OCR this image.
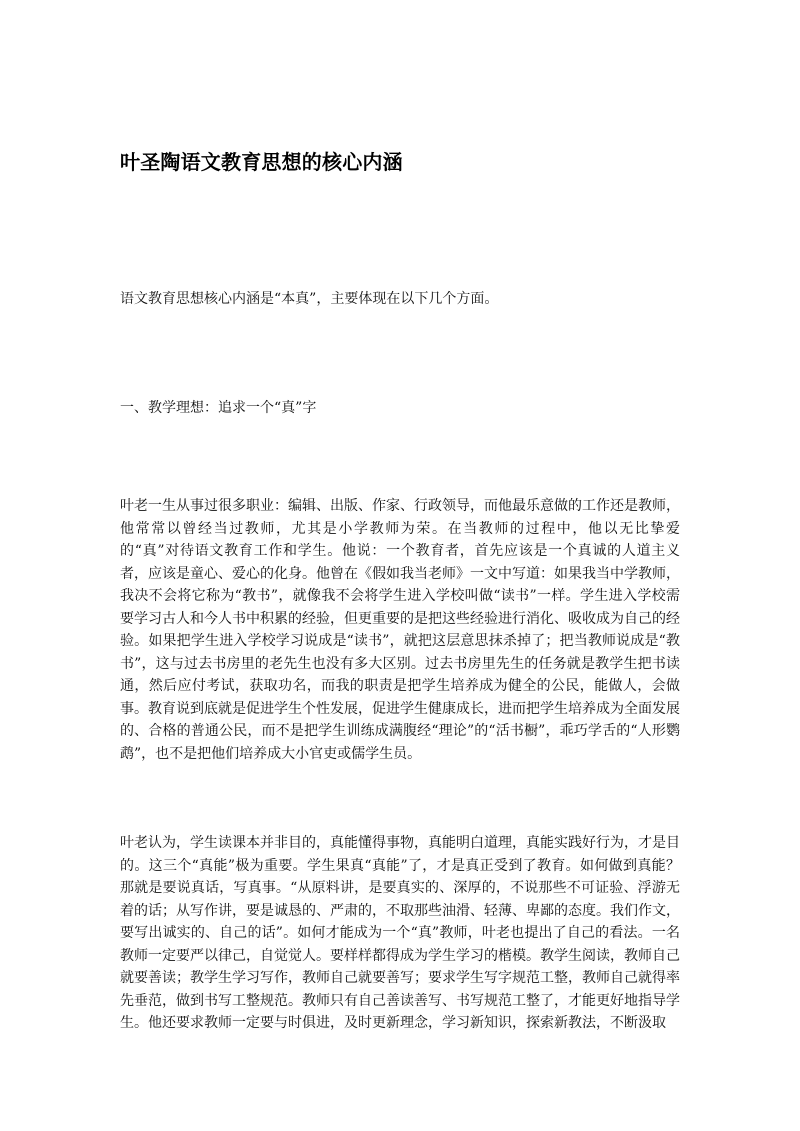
叶圣陶语文教育思想的核心内涵

语文教育思想核心内涵是“本真”，主要体现在以下几个方面。

一、教学理想：追求一个“真”字

叶老一生从事过很多职业：编辑、出版、作家、行政领导，而他最乐意做的工作还是教师，他常常以曾经当过教师，尤其是小学教师为荣。在当教师的过程中，他以无比挚爱的“真”对待语文教育工作和学生。他说：一个教育者，首先应该是一个真诚的人道主义者，应该是童心、爱心的化身。他曾在《假如我当老师》一文中写道：如果我当中学教师，我决不会将它称为“教书”，就像我不会将学生进入学校叫做“读书”一样。学生进入学校需要学习古人和今人书中积累的经验，但更重要的是把这些经验进行消化、吸收成为自己的经验。如果把学生进入学校学习说成是“读书”，就把这层意思抹杀掉了；把当教师说成是“教书”，这与过去书房里的老先生也没有多大区别。过去书房里先生的任务就是教学生把书读通，然后应付考试，获取功名，而我的职责是把学生培养成为健全的公民，能做人，会做事。教育说到底就是促进学生个性发展，促进学生健康成长，进而把学生培养成为全面发展的、合格的普通公民，而不是把学生训练成满腹经“理论”的“活书橱”，乖巧学舌的“人形鹦鹉”，也不是把他们培养成大小官吏或儒学生员。

叶老认为，学生读课本并非目的，真能懂得事物，真能明白道理，真能实践好行为，才是目的。这三个“真能”极为重要。学生果真“真能”了，才是真正受到了教育。如何做到真能？那就是要说真话，写真事。“从原料讲，是要真实的、深厚的，不说那些不可证验、浮游无着的话；从写作讲，要是诚恳的、严肃的，不取那些油滑、轻薄、卑鄙的态度。我们作文，要写出诚实的、自己的话”。如何才能成为一个“真”教师，叶老也提出了自己的看法。一名教师一定要严以律己，自觉觉人。要样样都得成为学生学习的楷模。教学生阅读，教师自己就要善读；教学生学习写作，教师自己就要善写；要求学生写字规范工整，教师自己就得率先垂范，做到书写工整规范。教师只有自己善读善写、书写规范工整了，才能更好地指导学生。他还要求教师一定要与时俱进，及时更新理念，学习新知识，探索新教法，不断汲取
